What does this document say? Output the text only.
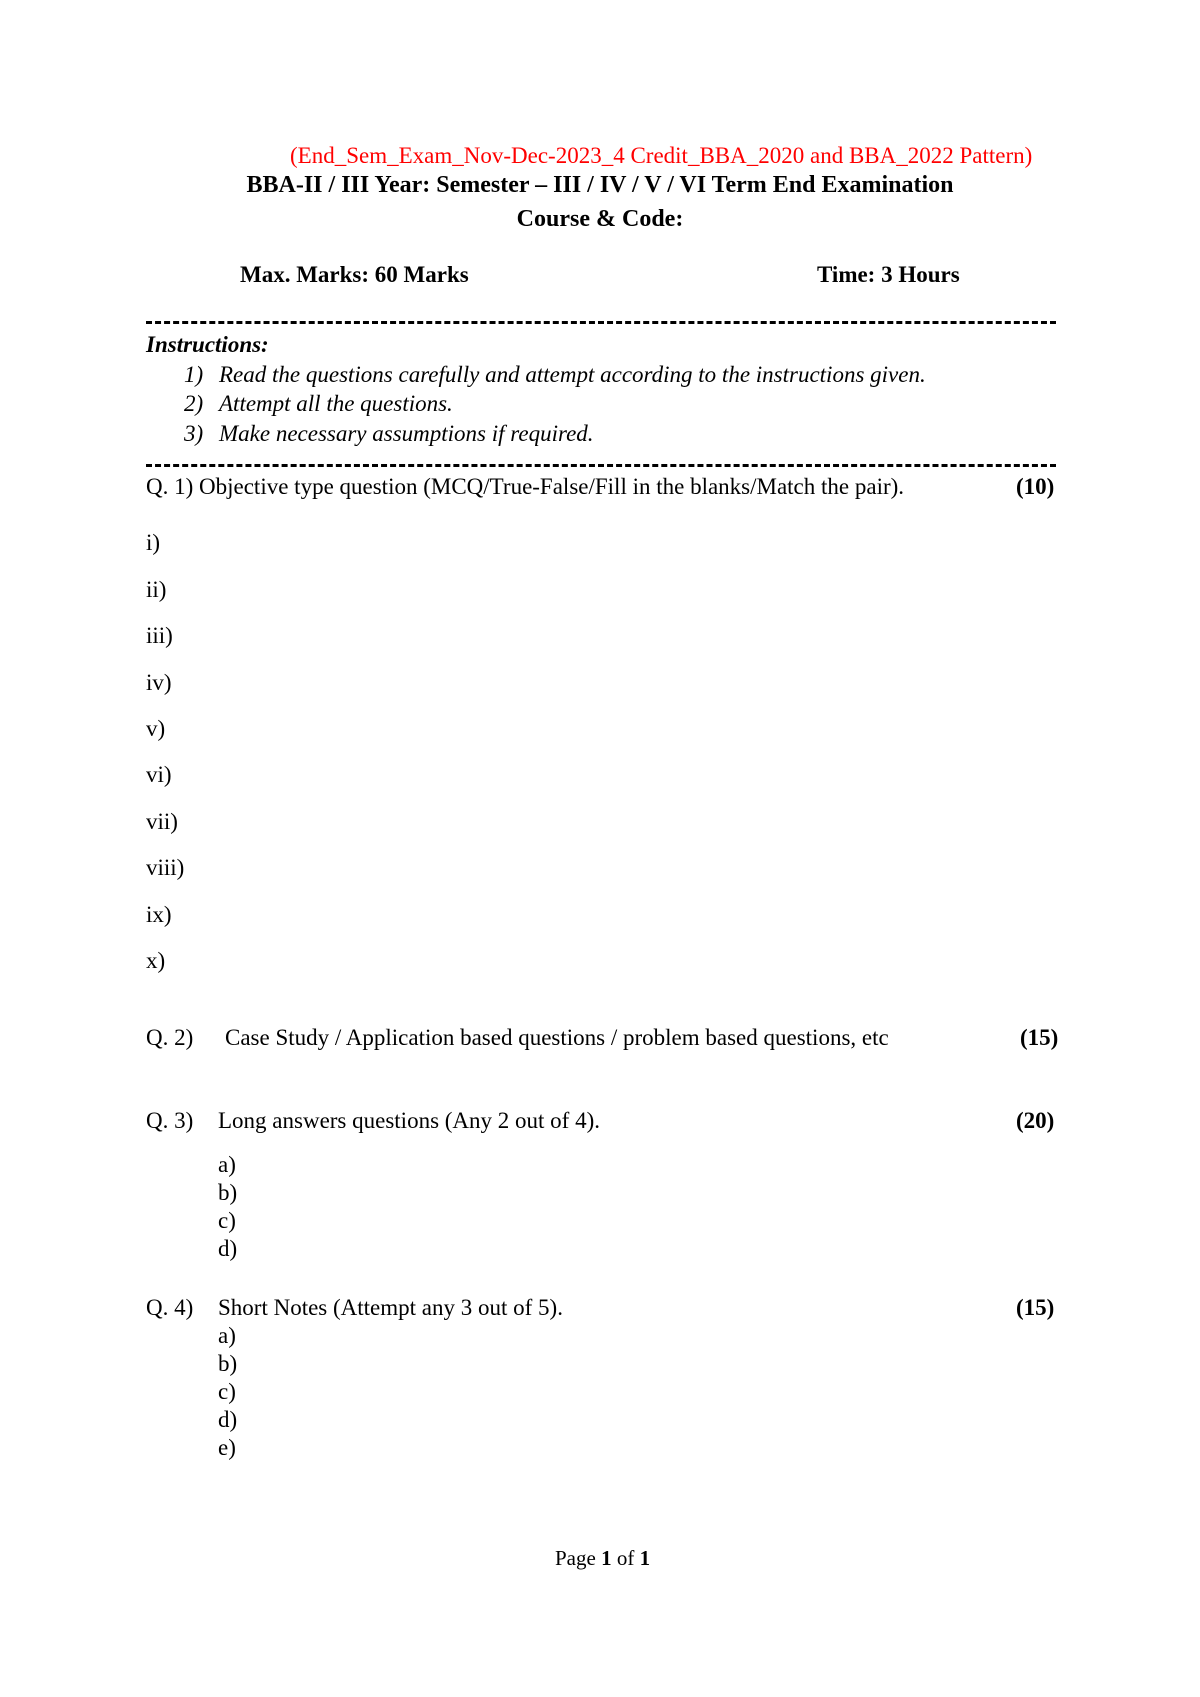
(End_Sem_Exam_Nov-Dec-2023_4 Credit_BBA_2020 and BBA_2022 Pattern)
BBA-II / III Year: Semester – III / IV / V / VI Term End Examination
Course & Code:
Max. Marks: 60 Marks	Time: 3 Hours
Instructions:
1) Read the questions carefully and attempt according to the instructions given.
2) Attempt all the questions.
3) Make necessary assumptions if required.
Q. 1) Objective type question (MCQ/True-False/Fill in the blanks/Match the pair).	(10)
i)
ii)
iii)
iv)
v)
vi)
vii)
viii)
ix)
x)
Q. 2) Case Study / Application based questions / problem based questions, etc	(15)
Q. 3) Long answers questions (Any 2 out of 4).	(20)
a)
b)
c)
d)
Q. 4) Short Notes (Attempt any 3 out of 5).	(15)
a)
b)
c)
d)
e)
Page 1 of 1
